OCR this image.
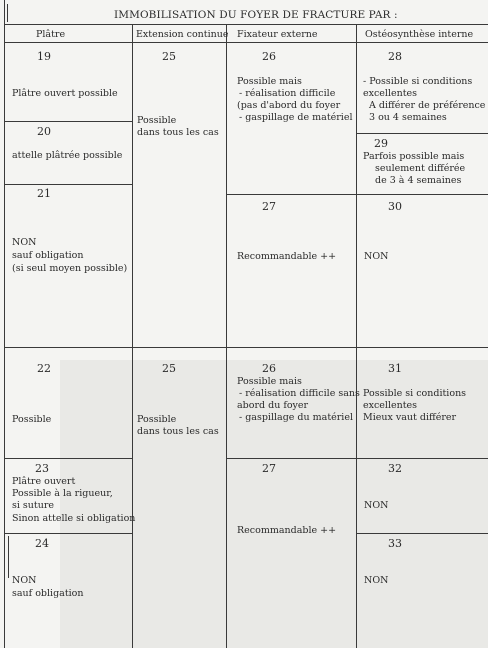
IMMOBILISATION DU FOYER DE FRACTURE PAR :
Plâtre	Extension continue Fixateur externe	Ostéosynthèse interne
19
Plâtre ouvert possible
20
attelle plâtrée possible
21
NON
sauf obligation
(si seul moyen possible)
25
Possible
dans tous les cas
26
Possible mais
- réalisation difficile
(pas d'abord du foyer
- gaspillage de matériel
27
Recommandable ++
28
- Possible si conditions
excellentes
A différer de préférence
3 ou 4 semaines
29
Parfois possible mais
seulement différée
de 3 à 4 semaines
30
NON
22
Possible
23
Plâtre ouvert
Possible à la rigueur,
si suture
Sinon attelle si obligation
24
NON
sauf obligation
25
Possible
dans tous les cas
26
Possible mais
- réalisation difficile sans
abord du foyer
- gaspillage du matériel
27
Recommandable ++
31
Possible si conditions
excellentes
Mieux vaut différer
32
NON
33
NON
